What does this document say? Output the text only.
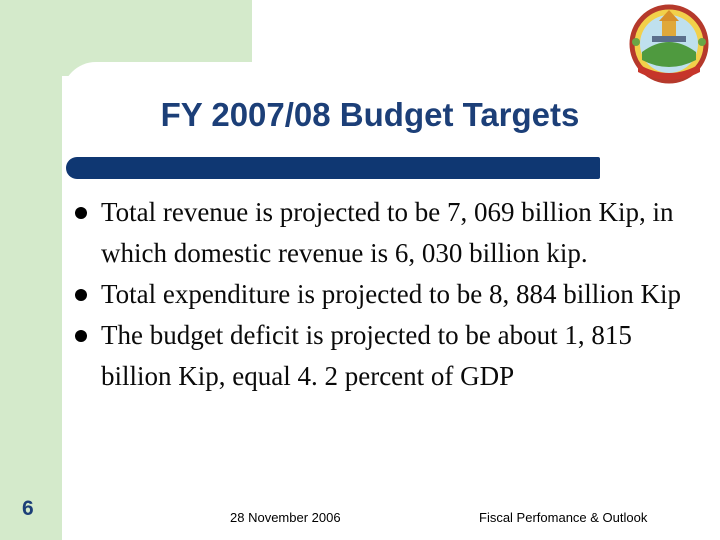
FY 2007/08 Budget Targets
Total revenue is projected to be 7, 069 billion Kip, in which domestic revenue is 6, 030 billion kip.
Total expenditure is projected to be 8, 884 billion Kip
The budget deficit is projected to be about 1, 815 billion Kip, equal 4. 2 percent of GDP
6	28 November 2006	Fiscal Perfomance & Outlook
